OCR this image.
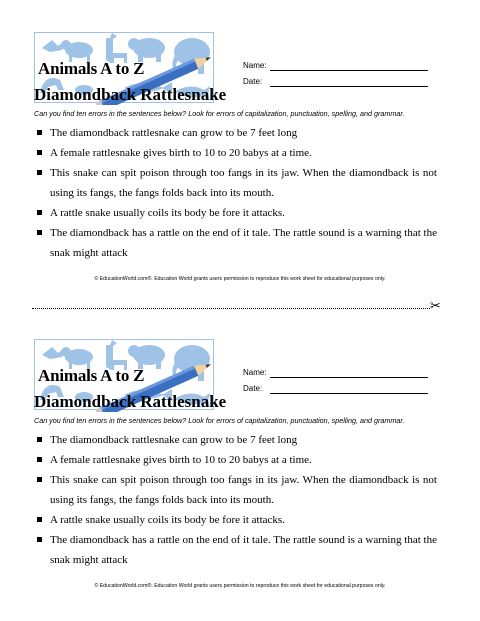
Animals A to Z	Name:
Date:
Diamondback Rattlesnake
Can you find ten errors in the sentences below? Look for errors of capitalization, punctuation, spelling, and grammar.
The diamondback rattlesnake can grow to be 7 feet long
A female rattlesnake gives birth to 10 to 20 babys at a time.
This snake can spit poison through too fangs in its jaw. When the diamondback is not using its fangs, the fangs folds back into its mouth.
A rattle snake usually coils its body be fore it attacks.
The diamondback has a rattle on the end of it tale. The rattle sound is a warning that the snak might attack
© EducationWorld.com®. Education World grants users permission to reproduce this work sheet for educational purposes only.
✂
Animals A to Z	Name:
Date:
Diamondback Rattlesnake
Can you find ten errors in the sentences below? Look for errors of capitalization, punctuation, spelling, and grammar.
The diamondback rattlesnake can grow to be 7 feet long
A female rattlesnake gives birth to 10 to 20 babys at a time.
This snake can spit poison through too fangs in its jaw. When the diamondback is not using its fangs, the fangs folds back into its mouth.
A rattle snake usually coils its body be fore it attacks.
The diamondback has a rattle on the end of it tale. The rattle sound is a warning that the snak might attack
© EducationWorld.com®. Education World grants users permission to reproduce this work sheet for educational purposes only.
